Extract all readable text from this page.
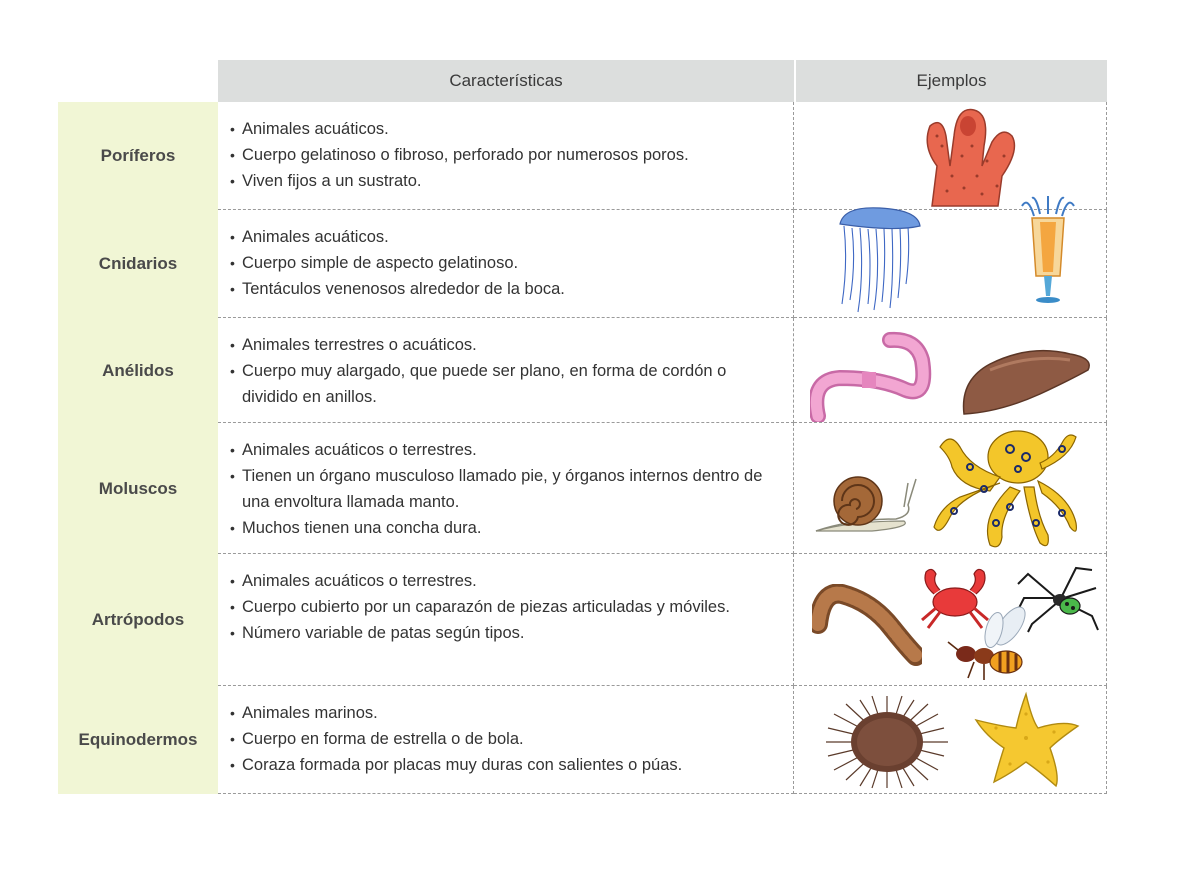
Características	Ejemplos
Poríferos
• Animales acuáticos.
• Cuerpo gelatinoso o fibroso, perforado por numerosos poros.
• Viven fijos a un sustrato.
Cnidarios
• Animales acuáticos.
• Cuerpo simple de aspecto gelatinoso.
• Tentáculos venenosos alrededor de la boca.
Anélidos
• Animales terrestres o acuáticos.
• Cuerpo muy alargado, que puede ser plano, en forma de cordón o dividido en anillos.
Moluscos
• Animales acuáticos o terrestres.
• Tienen un órgano musculoso llamado pie, y órganos internos dentro de una envoltura llamada manto.
• Muchos tienen una concha dura.
Artrópodos
• Animales acuáticos o terrestres.
• Cuerpo cubierto por un caparazón de piezas articuladas y móviles.
• Número variable de patas según tipos.
Equinodermos
• Animales marinos.
• Cuerpo en forma de estrella o de bola.
• Coraza formada por placas muy duras con salientes o púas.
